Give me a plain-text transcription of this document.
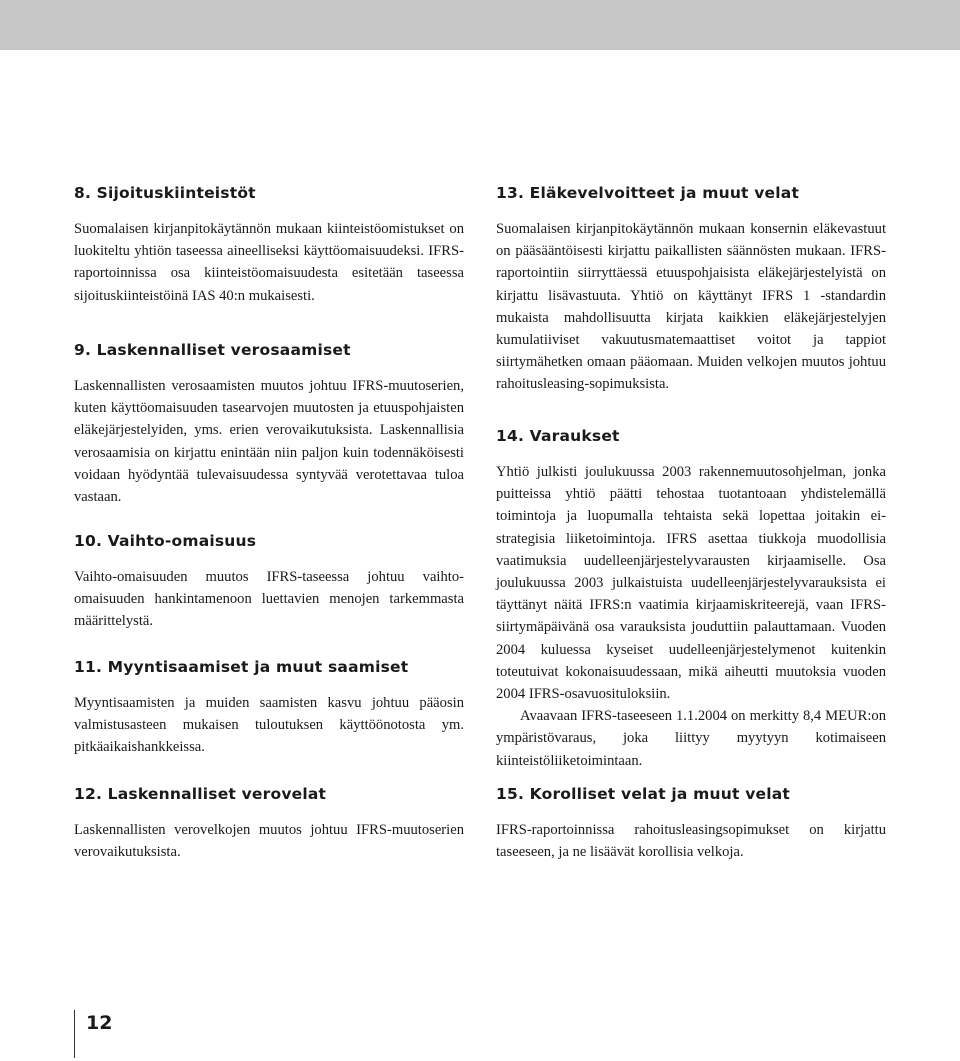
8. Sijoituskiinteistöt

Suomalaisen kirjanpitokäytännön mukaan kiinteistöomistukset on luokiteltu yhtiön taseessa aineelliseksi käyttöomaisuudeksi. IFRS-raportoinnissa osa kiinteistöomaisuudesta esitetään taseessa sijoituskiinteistöinä IAS 40:n mukaisesti.

9. Laskennalliset verosaamiset

Laskennallisten verosaamisten muutos johtuu IFRS-muutoserien, kuten käyttöomaisuuden tasearvojen muutosten ja etuuspohjaisten eläkejärjestelyiden, yms. erien verovaikutuksista. Laskennallisia verosaamisia on kirjattu enintään niin paljon kuin todennäköisesti voidaan hyödyntää tulevaisuudessa syntyvää verotettavaa tuloa vastaan.

10. Vaihto-omaisuus

Vaihto-omaisuuden muutos IFRS-taseessa johtuu vaihto-omaisuuden hankintamenoon luettavien menojen tarkemmasta määrittelystä.

11. Myyntisaamiset ja muut saamiset

Myyntisaamisten ja muiden saamisten kasvu johtuu pääosin valmistusasteen mukaisen tuloutuksen käyttöönotosta ym. pitkäaikaishankkeissa.

12. Laskennalliset verovelat

Laskennallisten verovelkojen muutos johtuu IFRS-muutoserien verovaikutuksista.

13. Eläkevelvoitteet ja muut velat

Suomalaisen kirjanpitokäytännön mukaan konsernin eläkevastuut on pääsääntöisesti kirjattu paikallisten säännösten mukaan. IFRS-raportointiin siirryttäessä etuuspohjaisista eläkejärjestelyistä on kirjattu lisävastuuta. Yhtiö on käyttänyt IFRS 1 -standardin mukaista mahdollisuutta kirjata kaikkien eläkejärjestelyjen kumulatiiviset vakuutusmatemaattiset voitot ja tappiot siirtymähetken omaan pääomaan. Muiden velkojen muutos johtuu rahoitusleasing-sopimuksista.

14. Varaukset

Yhtiö julkisti joulukuussa 2003 rakennemuutosohjelman, jonka puitteissa yhtiö päätti tehostaa tuotantoaan yhdistelemällä toimintoja ja luopumalla tehtaista sekä lopettaa joitakin ei-strategisia liiketoimintoja. IFRS asettaa tiukkoja muodollisia vaatimuksia uudelleenjärjestelyvarausten kirjaamiselle. Osa joulukuussa 2003 julkaistuista uudelleenjärjestelyvarauksista ei täyttänyt näitä IFRS:n vaatimia kirjaamiskriteerejä, vaan IFRS-siirtymäpäivänä osa varauksista jouduttiin palauttamaan. Vuoden 2004 kuluessa kyseiset uudelleenjärjestelymenot kuitenkin toteutuivat kokonaisuudessaan, mikä aiheutti muutoksia vuoden 2004 IFRS-osavuosituloksiin.

Avaavaan IFRS-taseeseen 1.1.2004 on merkitty 8,4 MEUR:on ympäristövaraus, joka liittyy myytyyn kotimaiseen kiinteistöliiketoimintaan.

15. Korolliset velat ja muut velat

IFRS-raportoinnissa rahoitusleasingsopimukset on kirjattu taseeseen, ja ne lisäävät korollisia velkoja.

12
